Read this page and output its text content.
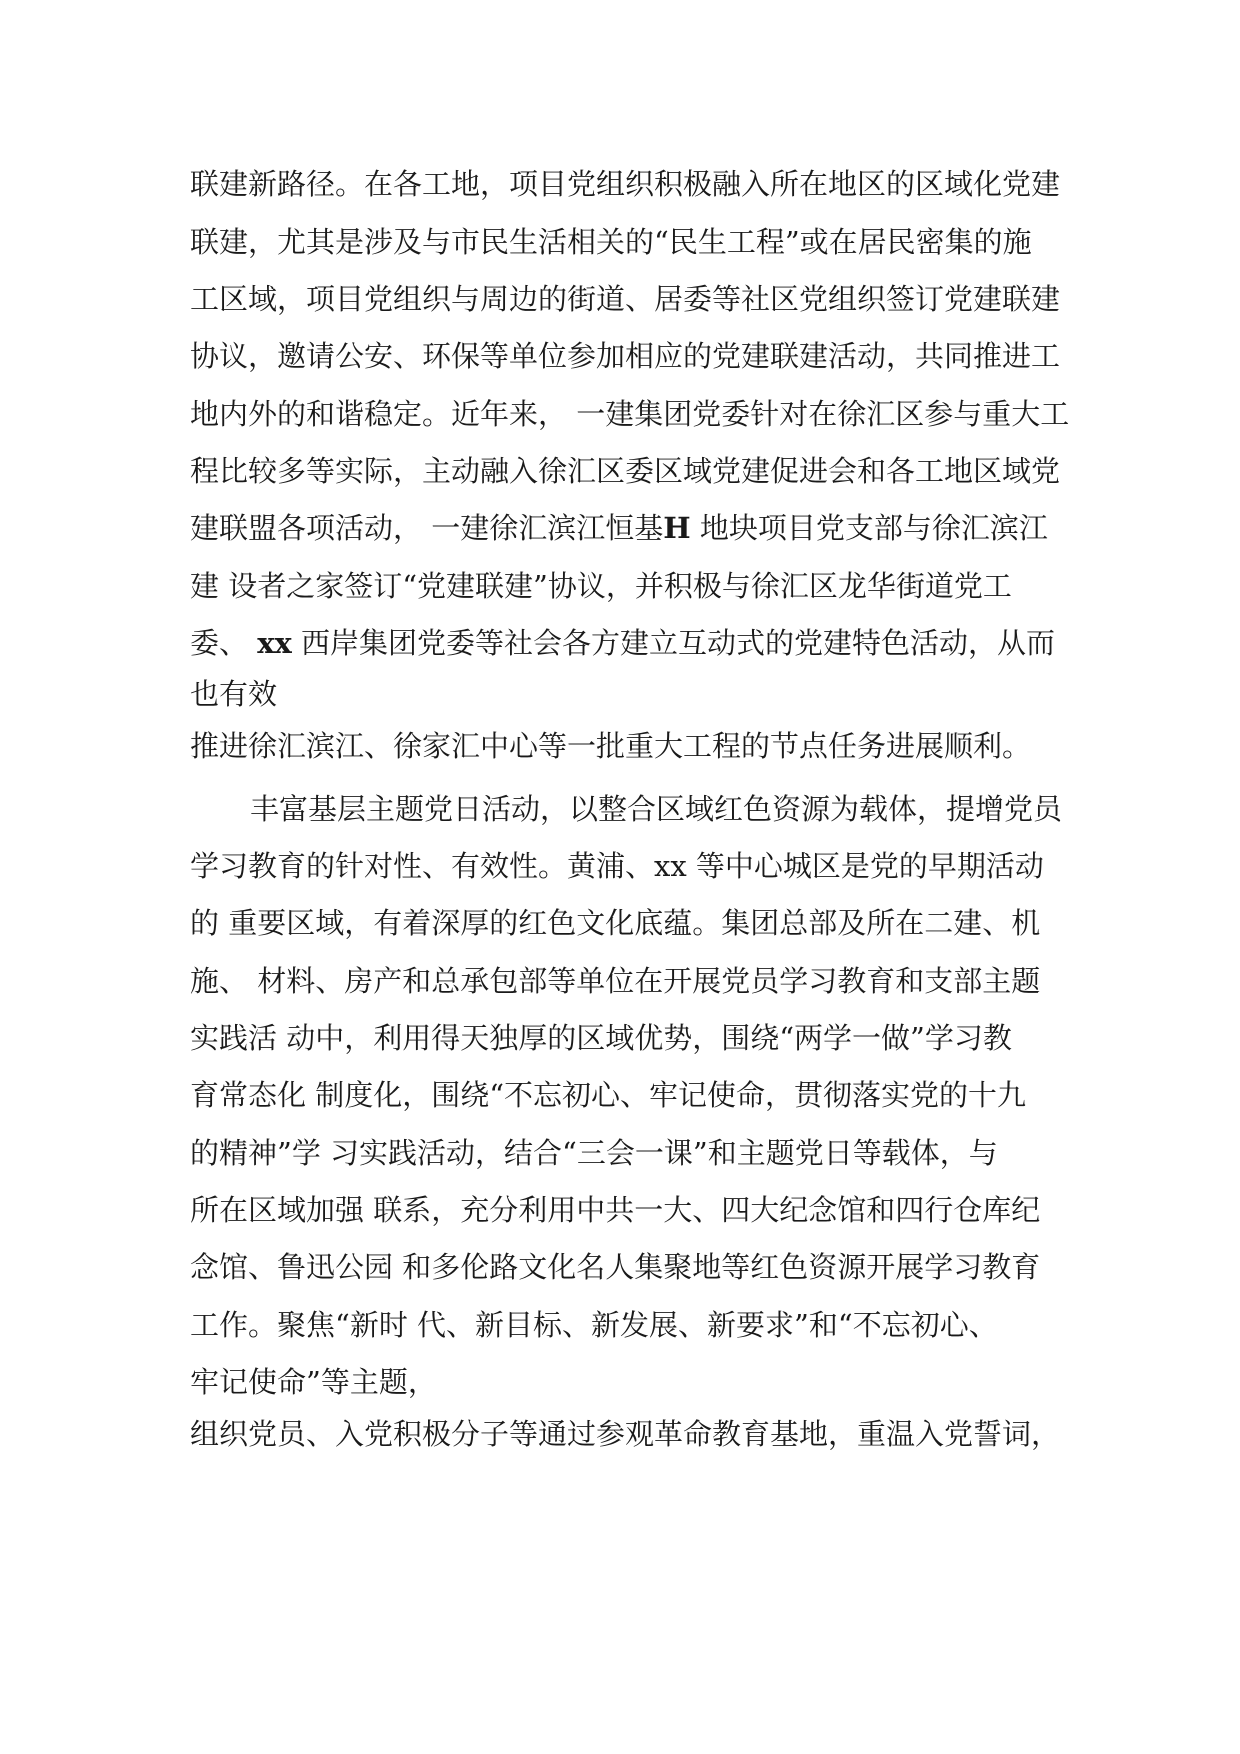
联建新路径。在各工地，项目党组织积极融入所在地区的区域化党建
联建，尤其是涉及与市民生活相关的“民生工程”或在居民密集的施
工区域，项目党组织与周边的街道、居委等社区党组织签订党建联建
协议，邀请公安、环保等单位参加相应的党建联建活动，共同推进工
地内外的和谐稳定。近年来， 一建集团党委针对在徐汇区参与重大工
程比较多等实际，主动融入徐汇区委区域党建促进会和各工地区域党
建联盟各项活动， 一建徐汇滨江恒基H 地块项目党支部与徐汇滨江
建 设者之家签订“党建联建”协议，并积极与徐汇区龙华街道党工
委、 xx 西岸集团党委等社会各方建立互动式的党建特色活动，从而
也有效
推进徐汇滨江、徐家汇中心等一批重大工程的节点任务进展顺利。
丰富基层主题党日活动，以整合区域红色资源为载体，提增党员
学习教育的针对性、有效性。黄浦、xx 等中心城区是党的早期活动
的 重要区域，有着深厚的红色文化底蕴。集团总部及所在二建、机
施、 材料、房产和总承包部等单位在开展党员学习教育和支部主题
实践活 动中，利用得天独厚的区域优势，围绕“两学一做”学习教
育常态化 制度化，围绕“不忘初心、牢记使命，贯彻落实党的十九
的精神”学 习实践活动，结合“三会一课”和主题党日等载体，与
所在区域加强 联系，充分利用中共一大、四大纪念馆和四行仓库纪
念馆、鲁迅公园 和多伦路文化名人集聚地等红色资源开展学习教育
工作。聚焦“新时 代、新目标、新发展、新要求”和“不忘初心、
牢记使命”等主题，
组织党员、入党积极分子等通过参观革命教育基地，重温入党誓词，
